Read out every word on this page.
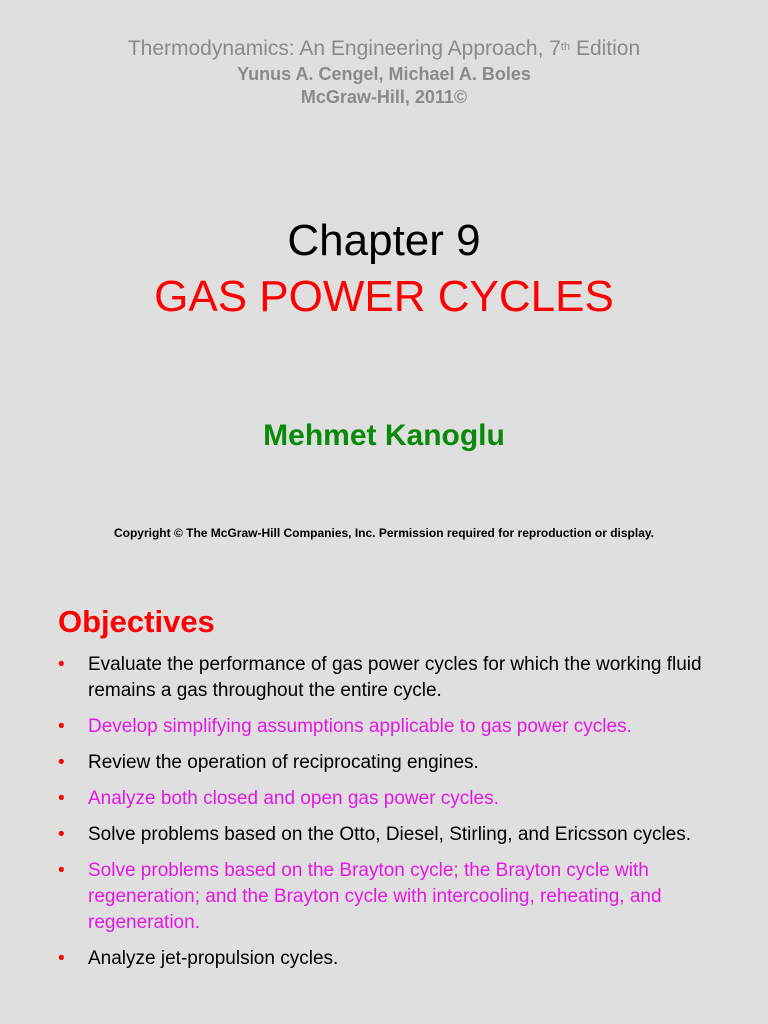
Thermodynamics: An Engineering Approach, 7th Edition

Yunus A. Cengel, Michael A. Boles

McGraw-Hill, 2011©

Chapter 9
GAS POWER CYCLES

Mehmet Kanoglu

Copyright © The McGraw-Hill Companies, Inc. Permission required for reproduction or display.

Objectives
•	Evaluate the performance of gas power cycles for which the working fluid remains a gas throughout the entire cycle.
•	Develop simplifying assumptions applicable to gas power cycles.
•	Review the operation of reciprocating engines.
•	Analyze both closed and open gas power cycles.
•	Solve problems based on the Otto, Diesel, Stirling, and Ericsson cycles.
•	Solve problems based on the Brayton cycle; the Brayton cycle with regeneration; and the Brayton cycle with intercooling, reheating, and regeneration.
•	Analyze jet-propulsion cycles.
